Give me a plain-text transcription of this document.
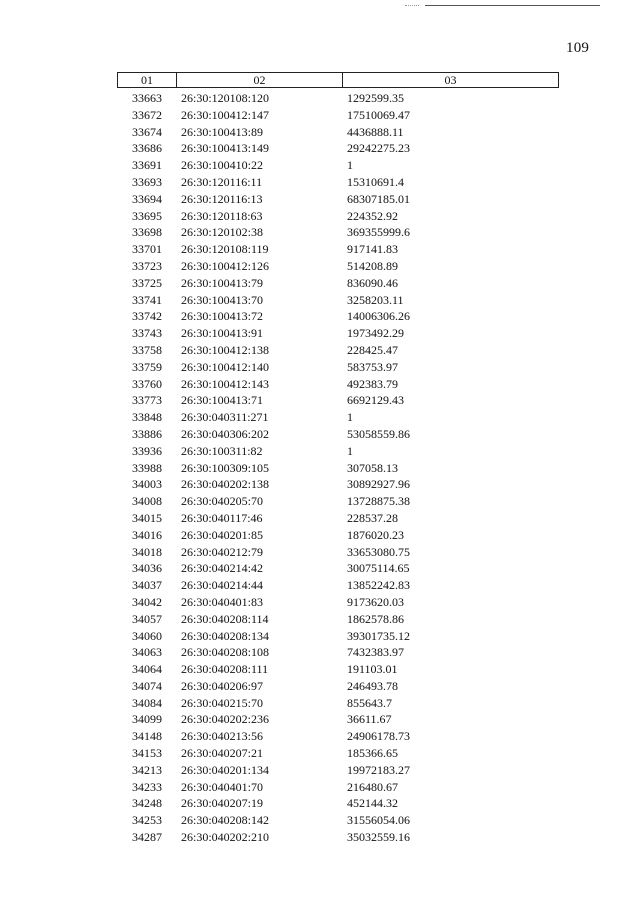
109
01	02	03
33663	26:30:120108:120	1292599.35
33672	26:30:100412:147	17510069.47
33674	26:30:100413:89	4436888.11
33686	26:30:100413:149	29242275.23
33691	26:30:100410:22	1
33693	26:30:120116:11	15310691.4
33694	26:30:120116:13	68307185.01
33695	26:30:120118:63	224352.92
33698	26:30:120102:38	369355999.6
33701	26:30:120108:119	917141.83
33723	26:30:100412:126	514208.89
33725	26:30:100413:79	836090.46
33741	26:30:100413:70	3258203.11
33742	26:30:100413:72	14006306.26
33743	26:30:100413:91	1973492.29
33758	26:30:100412:138	228425.47
33759	26:30:100412:140	583753.97
33760	26:30:100412:143	492383.79
33773	26:30:100413:71	6692129.43
33848	26:30:040311:271	1
33886	26:30:040306:202	53058559.86
33936	26:30:100311:82	1
33988	26:30:100309:105	307058.13
34003	26:30:040202:138	30892927.96
34008	26:30:040205:70	13728875.38
34015	26:30:040117:46	228537.28
34016	26:30:040201:85	1876020.23
34018	26:30:040212:79	33653080.75
34036	26:30:040214:42	30075114.65
34037	26:30:040214:44	13852242.83
34042	26:30:040401:83	9173620.03
34057	26:30:040208:114	1862578.86
34060	26:30:040208:134	39301735.12
34063	26:30:040208:108	7432383.97
34064	26:30:040208:111	191103.01
34074	26:30:040206:97	246493.78
34084	26:30:040215:70	855643.7
34099	26:30:040202:236	36611.67
34148	26:30:040213:56	24906178.73
34153	26:30:040207:21	185366.65
34213	26:30:040201:134	19972183.27
34233	26:30:040401:70	216480.67
34248	26:30:040207:19	452144.32
34253	26:30:040208:142	31556054.06
34287	26:30:040202:210	35032559.16
